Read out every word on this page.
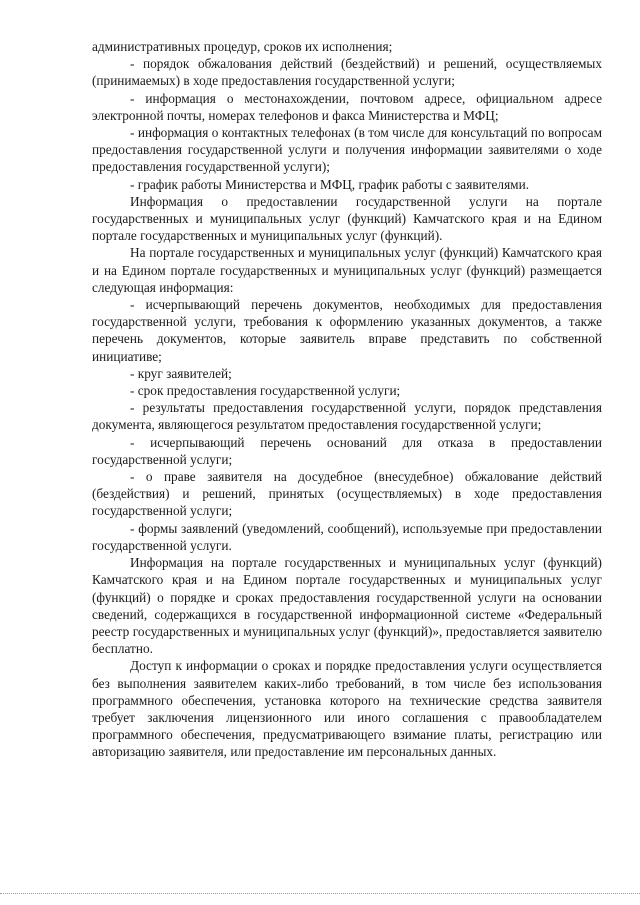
административных процедур, сроков их исполнения;

- порядок обжалования действий (бездействий) и решений, осуществляемых (принимаемых) в ходе предоставления государственной услуги;

- информация о местонахождении, почтовом адресе, официальном адресе электронной почты, номерах телефонов и факса Министерства и МФЦ;

- информация о контактных телефонах (в том числе для консультаций по вопросам предоставления государственной услуги и получения информации заявителями о ходе предоставления государственной услуги);

- график работы Министерства и МФЦ, график работы с заявителями.

Информация о предоставлении государственной услуги на портале государственных и муниципальных услуг (функций) Камчатского края и на Едином портале государственных и муниципальных услуг (функций).

На портале государственных и муниципальных услуг (функций) Камчатского края и на Едином портале государственных и муниципальных услуг (функций) размещается следующая информация:

- исчерпывающий перечень документов, необходимых для предоставления государственной услуги, требования к оформлению указанных документов, а также перечень документов, которые заявитель вправе представить по собственной инициативе;

- круг заявителей;

- срок предоставления государственной услуги;

- результаты предоставления государственной услуги, порядок представления документа, являющегося результатом предоставления государственной услуги;

- исчерпывающий перечень оснований для отказа в предоставлении государственной услуги;

- о праве заявителя на досудебное (внесудебное) обжалование действий (бездействия) и решений, принятых (осуществляемых) в ходе предоставления государственной услуги;

- формы заявлений (уведомлений, сообщений), используемые при предоставлении государственной услуги.

Информация на портале государственных и муниципальных услуг (функций) Камчатского края и на Едином портале государственных и муниципальных услуг (функций) о порядке и сроках предоставления государственной услуги на основании сведений, содержащихся в государственной информационной системе «Федеральный реестр государственных и муниципальных услуг (функций)», предоставляется заявителю бесплатно.

Доступ к информации о сроках и порядке предоставления услуги осуществляется без выполнения заявителем каких-либо требований, в том числе без использования программного обеспечения, установка которого на технические средства заявителя требует заключения лицензионного или иного соглашения с правообладателем программного обеспечения, предусматривающего взимание платы, регистрацию или авторизацию заявителя, или предоставление им персональных данных.
